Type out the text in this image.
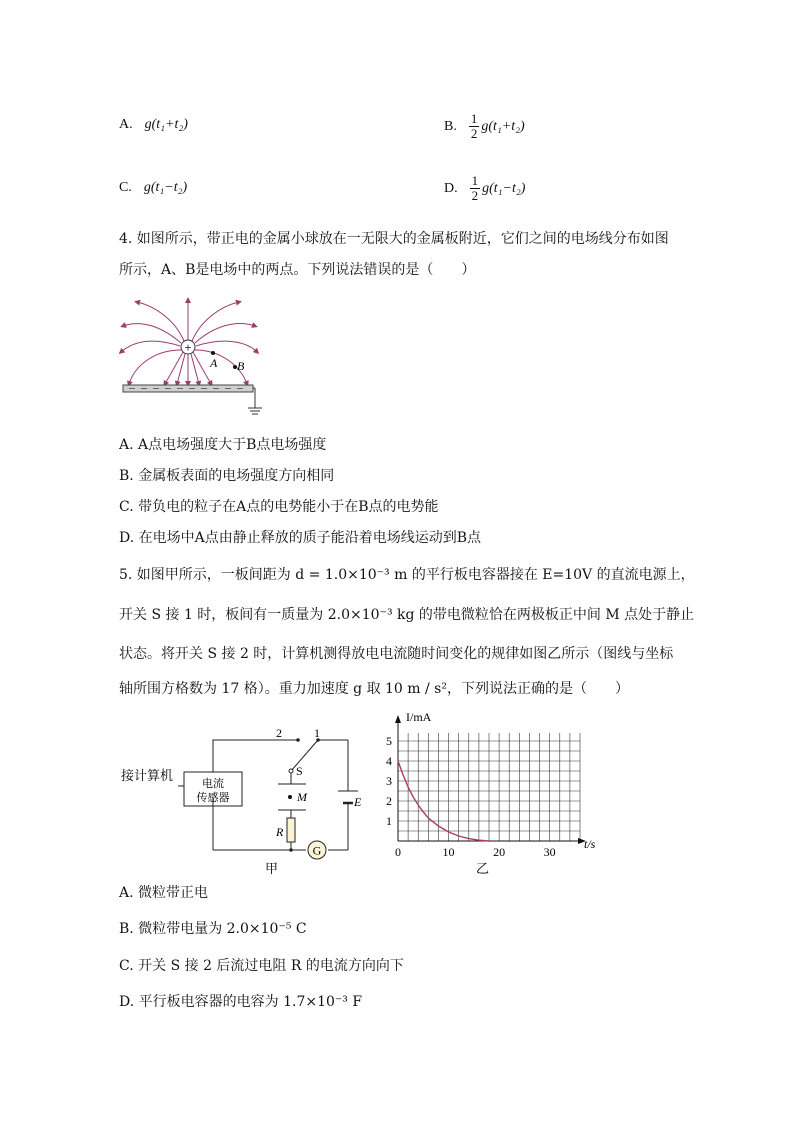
A. g(t₁+t₂)	B. $\frac{1}{2} g(t_1+t_2)$
C. g(t₁−t₂)	D. $\frac{1}{2} g(t_1-t_2)$
4. 如图所示，带正电的金属小球放在一无限大的金属板附近，它们之间的电场线分布如图
所示，A、B是电场中的两点。下列说法错误的是（　　）
+
A B
A. A点电场强度大于B点电场强度
B. 金属板表面的电场强度方向相同
C. 带负电的粒子在A点的电势能小于在B点的电势能
D. 在电场中A点由静止释放的质子能沿着电场线运动到B点
5. 如图甲所示，一板间距为 d = 1.0×10⁻³ m 的平行板电容器接在 E=10V 的直流电源上，
开关 S 接 1 时，板间有一质量为 2.0×10⁻³ kg 的带电微粒恰在两极板正中间 M 点处于静止
状态。将开关 S 接 2 时，计算机测得放电电流随时间变化的规律如图乙所示（图线与坐标
轴所围方格数为 17 格）。重力加速度 g 取 10 m / s²，下列说法正确的是（　　）
G
接计算机	电流
传感器
2	1
S
M	E
R
甲
0	10	20	30
1
2
3
4
5
I/mA
t/s
乙
A. 微粒带正电
B. 微粒带电量为 2.0×10⁻⁵ C
C. 开关 S 接 2 后流过电阻 R 的电流方向向下
D. 平行板电容器的电容为 1.7×10⁻³ F
